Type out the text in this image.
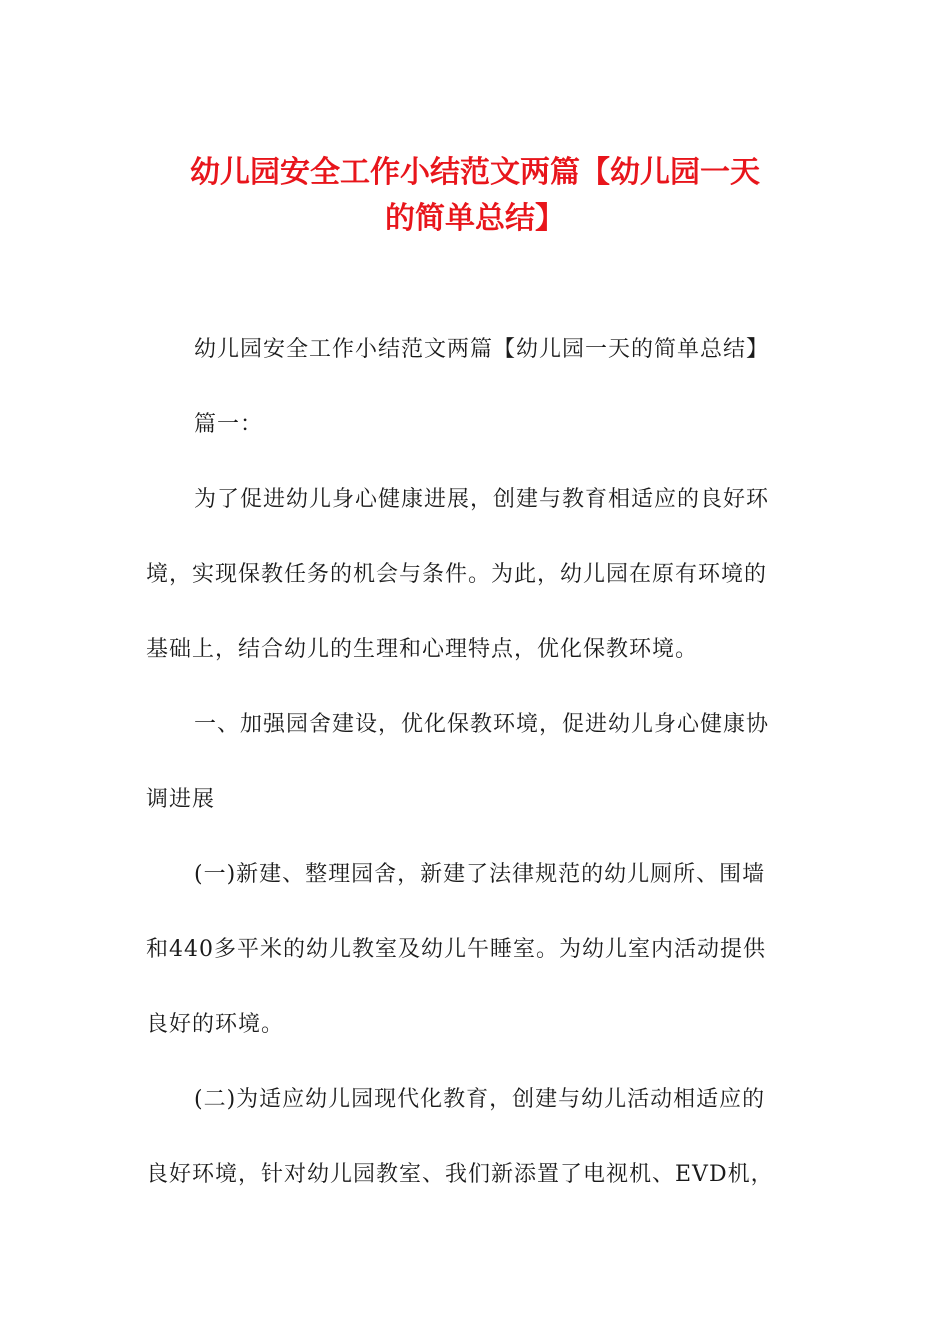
幼儿园安全工作小结范文两篇【幼儿园一天
的简单总结】

幼儿园安全工作小结范文两篇【幼儿园一天的简单总结】

篇一：

为了促进幼儿身心健康进展，创建与教育相适应的良好环
境，实现保教任务的机会与条件。为此，幼儿园在原有环境的
基础上，结合幼儿的生理和心理特点，优化保教环境。

一、加强园舍建设，优化保教环境，促进幼儿身心健康协
调进展

(一)新建、整理园舍，新建了法律规范的幼儿厕所、围墙
和440多平米的幼儿教室及幼儿午睡室。为幼儿室内活动提供
良好的环境。

(二)为适应幼儿园现代化教育，创建与幼儿活动相适应的
良好环境，针对幼儿园教室、我们新添置了电视机、EVD机，
